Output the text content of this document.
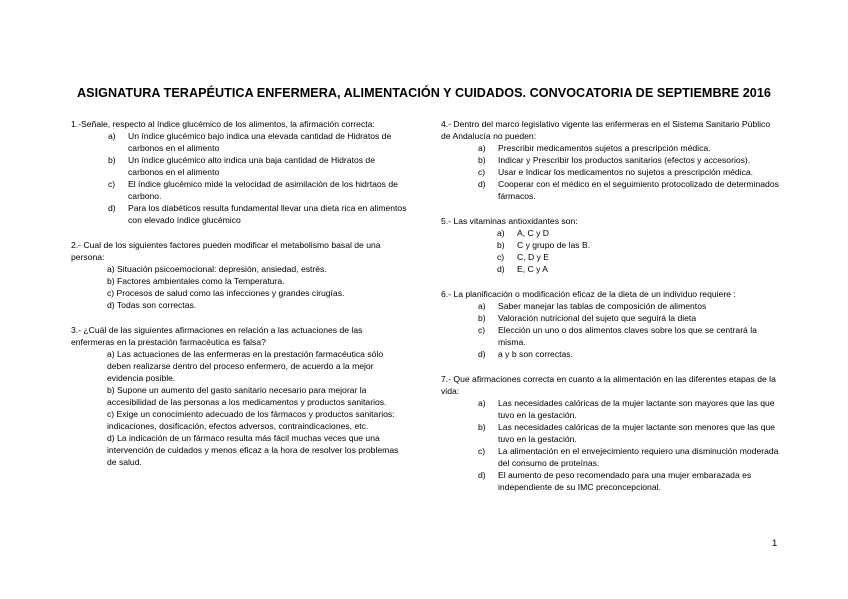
ASIGNATURA TERAPÉUTICA ENFERMERA, ALIMENTACIÓN Y CUIDADOS. CONVOCATORIA DE SEPTIEMBRE 2016

1.-Señale, respecto al índice glucémico de los alimentos, la afirmación correcta:

a)	Un índice glucémico bajo indica una elevada cantidad de Hidratos de carbonos en el alimento
b)	Un índice glucémico alto indica una baja cantidad de Hidratos de carbonos en el alimento
c)	El índice glucémico mide la velocidad de asimilación de los hidrtaos de carbono.
d)	Para los diabéticos resulta fundamental llevar una dieta rica en alimentos con elevado índice glucémico

2.- Cual de los siguientes factores pueden modificar el metabolismo basal de una persona:

a) Situación psicoemocional: depresión, ansiedad, estrés.
b) Factores ambientales como la Temperatura.
c) Procesos de salud como las infecciones y grandes cirugías.
d) Todas son correctas.

3.- ¿Cuál de las siguientes afirmaciones en relación a las actuaciones de las enfermeras en la prestación farmacéutica es falsa?

a) Las actuaciones de las enfermeras en la prestación farmacéutica sólo deben realizarse dentro del proceso enfermero, de acuerdo a la mejor evidencia posible.
b) Supone un aumento del gasto sanitario necesario para mejorar la accesibilidad de las personas a los medicamentos y productos sanitarios.
c) Exige un conocimiento adecuado de los fármacos y productos sanitarios: indicaciones, dosificación, efectos adversos, contraindicaciones, etc.
d) La indicación de un fármaco resulta más fácil muchas veces que una intervención de cuidados y menos eficaz a la hora de resolver los problemas de salud.

4.- Dentro del marco legislativo vigente las enfermeras en el Sistema Sanitario Público de Andalucía no pueden:

a)	Prescribir medicamentos sujetos a prescripción médica.
b)	Indicar y Prescribir los productos sanitarios (efectos y accesorios).
c)	Usar e Indicar los medicamentos no sujetos a prescripción médica.
d)	Cooperar con el médico en el seguimiento protocolizado de determinados fármacos.

5.- Las vitaminas antioxidantes son:

a)	A, C y D
b)	C y grupo de las B.
c)	C, D y E
d)	E, C y A

6.- La planificación o modificación eficaz de la dieta de un individuo requiere :

a)	Saber manejar las tablas de composición de alimentos
b)	Valoración nutricional del sujeto que seguirá la dieta
c)	Elección un uno o dos alimentos claves sobre los que se centrará la misma.
d)	a y b son correctas.

7.- Que afirmaciones correcta en cuanto a la alimentación en las diferentes etapas de la vida:

a)	Las necesidades calóricas de la mujer lactante son mayores que las que tuvo en la gestación.
b)	Las necesidades calóricas de la mujer lactante son menores que las que tuvo en la gestación.
c)	La alimentación en el envejecimiento requiero una disminución moderada del consumo de proteínas.
d)	El aumento de peso recomendado para una mujer embarazada es independiente de su IMC preconcepcional.
1
